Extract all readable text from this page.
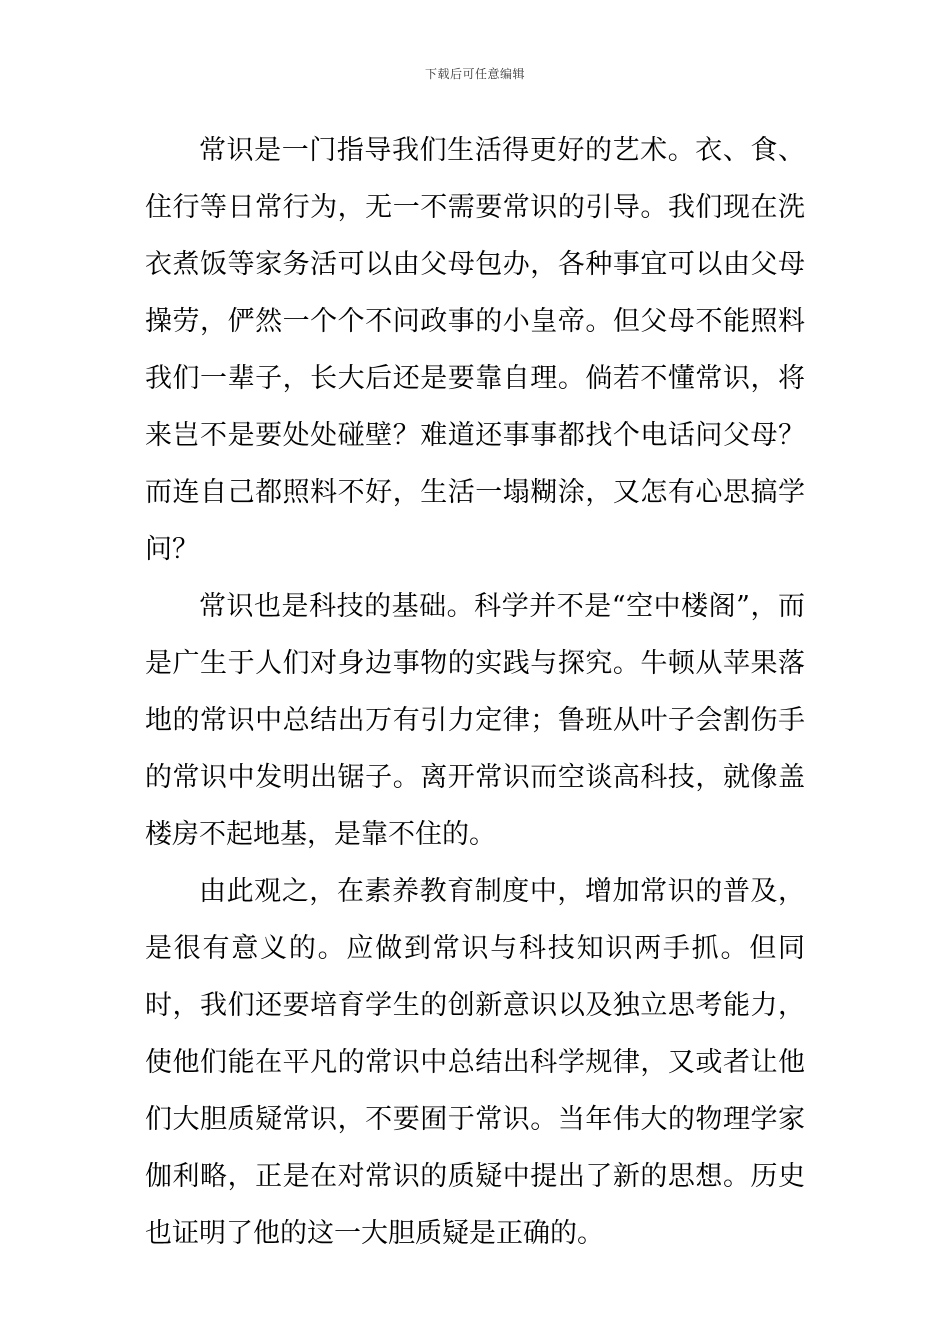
下载后可任意编辑

常识是一门指导我们生活得更好的艺术。衣、食、住行等日常行为，无一不需要常识的引导。我们现在洗衣煮饭等家务活可以由父母包办，各种事宜可以由父母操劳，俨然一个个不问政事的小皇帝。但父母不能照料我们一辈子，长大后还是要靠自理。倘若不懂常识，将来岂不是要处处碰壁？难道还事事都找个电话问父母？而连自己都照料不好，生活一塌糊涂，又怎有心思搞学问？

常识也是科技的基础。科学并不是“空中楼阁”，而是广生于人们对身边事物的实践与探究。牛顿从苹果落地的常识中总结出万有引力定律；鲁班从叶子会割伤手的常识中发明出锯子。离开常识而空谈高科技，就像盖楼房不起地基，是靠不住的。

由此观之，在素养教育制度中，增加常识的普及，是很有意义的。应做到常识与科技知识两手抓。但同时，我们还要培育学生的创新意识以及独立思考能力，使他们能在平凡的常识中总结出科学规律，又或者让他们大胆质疑常识，不要囿于常识。当年伟大的物理学家伽利略，正是在对常识的质疑中提出了新的思想。历史也证明了他的这一大胆质疑是正确的。
